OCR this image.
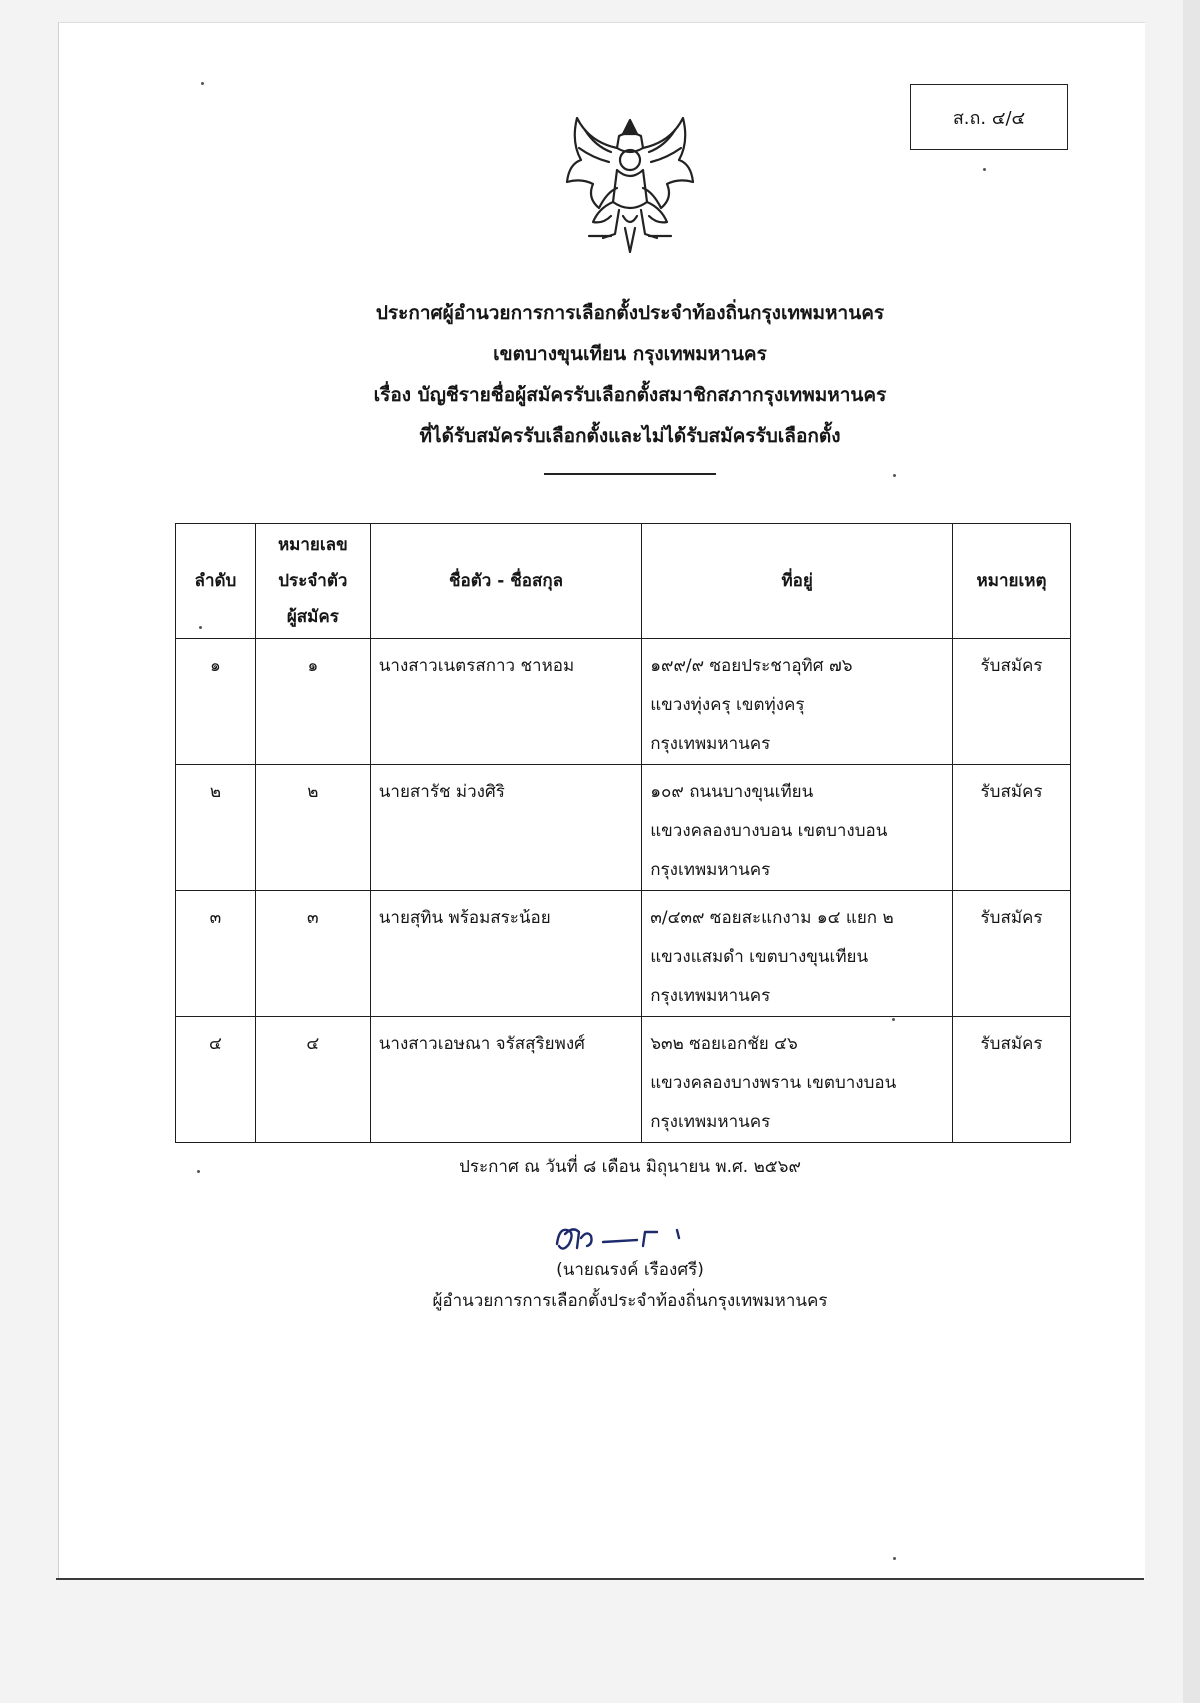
ส.ถ. ๔/๔
ประกาศผู้อำนวยการการเลือกตั้งประจำท้องถิ่นกรุงเทพมหานคร
เขตบางขุนเทียน กรุงเทพมหานคร
เรื่อง บัญชีรายชื่อผู้สมัครรับเลือกตั้งสมาชิกสภากรุงเทพมหานคร
ที่ได้รับสมัครรับเลือกตั้งและไม่ได้รับสมัครรับเลือกตั้ง
ลำดับ	หมายเลข
ประจำตัว
ผู้สมัคร	ชื่อตัว - ชื่อสกุล	ที่อยู่	หมายเหตุ
๑	๑	นางสาวเนตรสกาว ชาหอม	๑๙๙/๙ ซอยประชาอุทิศ ๗๖
แขวงทุ่งครุ เขตทุ่งครุ
กรุงเทพมหานคร	รับสมัคร
๒	๒	นายสารัช ม่วงศิริ	๑๐๙ ถนนบางขุนเทียน
แขวงคลองบางบอน เขตบางบอน
กรุงเทพมหานคร	รับสมัคร
๓	๓	นายสุทิน พร้อมสระน้อย	๓/๔๓๙ ซอยสะแกงาม ๑๔ แยก ๒
แขวงแสมดำ เขตบางขุนเทียน
กรุงเทพมหานคร	รับสมัคร
๔	๔	นางสาวเอษณา จรัสสุริยพงศ์	๖๓๒ ซอยเอกชัย ๔๖
แขวงคลองบางพราน เขตบางบอน
กรุงเทพมหานคร	รับสมัคร
ประกาศ ณ วันที่ ๘ เดือน มิถุนายน พ.ศ. ๒๕๖๙
(นายณรงค์ เรืองศรี)
ผู้อำนวยการการเลือกตั้งประจำท้องถิ่นกรุงเทพมหานคร
